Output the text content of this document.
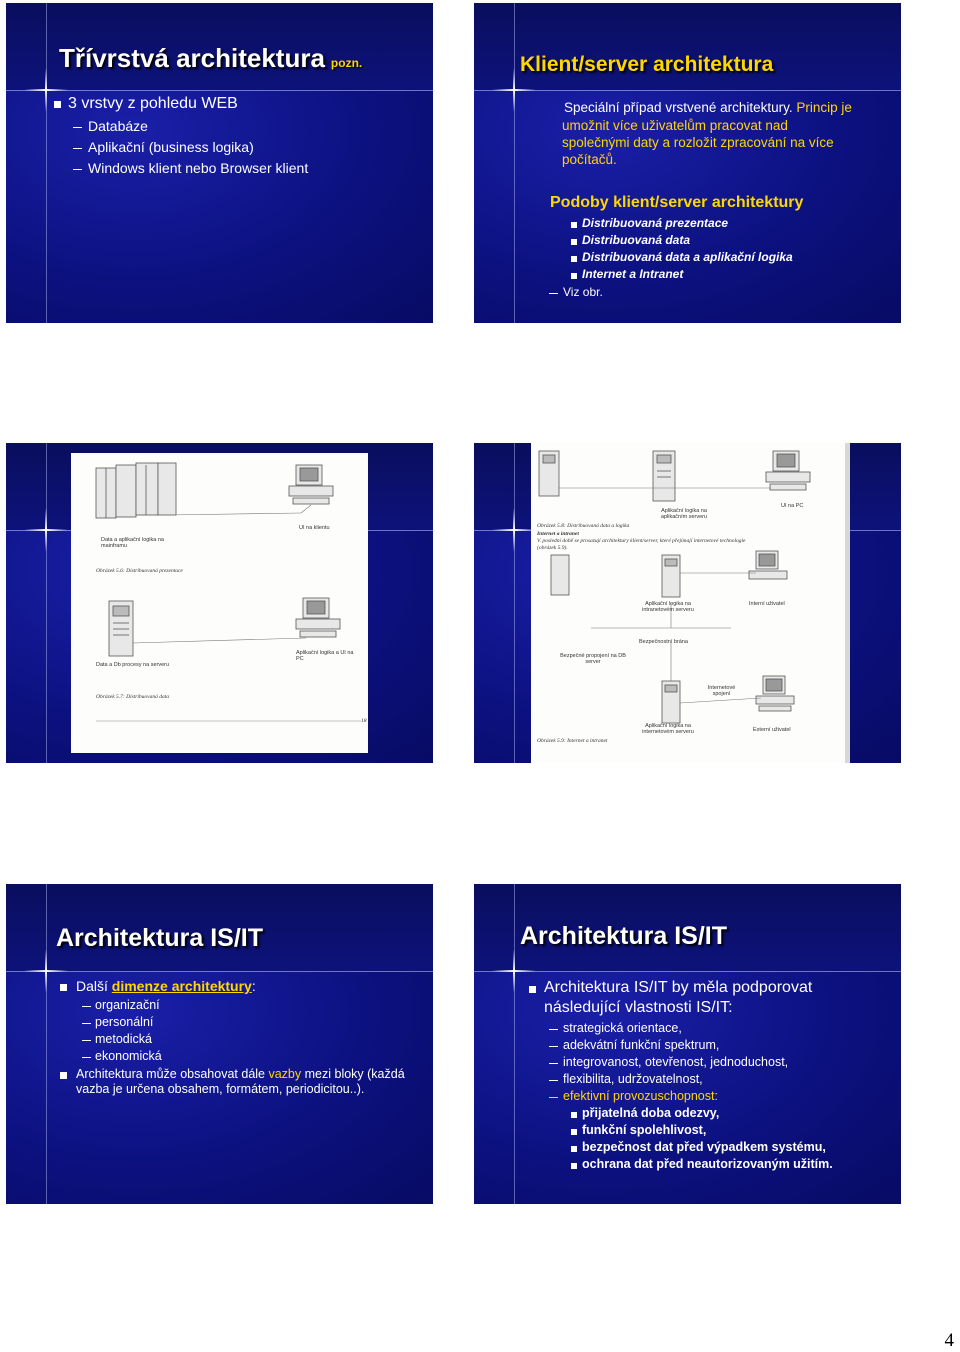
Třívrstvá architektura pozn.
3 vrstvy z pohledu WEB
Databáze
Aplikační (business logika)
Windows klient nebo Browser klient
Klient/server architektura
Speciální případ vrstvené architektury. Princip je
umožnit více uživatelům pracovat nad
společnými daty a rozložit zpracování na více
počítačů.
Podoby klient/server architektury
Distribuovaná prezentace
Distribuovaná data
Distribuovaná data a aplikační logika
Internet a Intranet
Viz obr.
Data a aplikační logika na mainframu
UI na klientu
Obrázek 5.6: Distribuovaná prezentace
Data a Db procesy na serveru
Aplikační logika a UI na PC
Obrázek 5.7: Distribuovaná data
18
Aplikační logika na aplikačním serveru
UI na PC
Obrázek 5.8: Distribuovaná data a logika
Internet a intranet
V. poslední době se prosazují architektury klient/server, které přejímají internetové technologie
(obrázek 5.9).
Aplikační logika na intranetovém serveru
Interní uživatel
Bezpečnostní brána
Bezpečné propojení na DB server
Internetové spojení
Aplikační logika na internetovém serveru	Externí uživatel
Obrázek 5.9: Internet a intranet
Architektura IS/IT
Další dimenze architektury:
organizační
personální
metodická
ekonomická
Architektura může obsahovat dále vazby mezi bloky (každá
vazba je určena obsahem, formátem, periodicitou..).
Architektura IS/IT
Architektura IS/IT by měla podporovat
následující vlastnosti IS/IT:
strategická orientace,
adekvátní funkční spektrum,
integrovanost, otevřenost, jednoduchost,
flexibilita, udržovatelnost,
efektivní provozuschopnost:
přijatelná doba odezvy,
funkční spolehlivost,
bezpečnost dat před výpadkem systému,
ochrana dat před neautorizovaným užitím.
4
